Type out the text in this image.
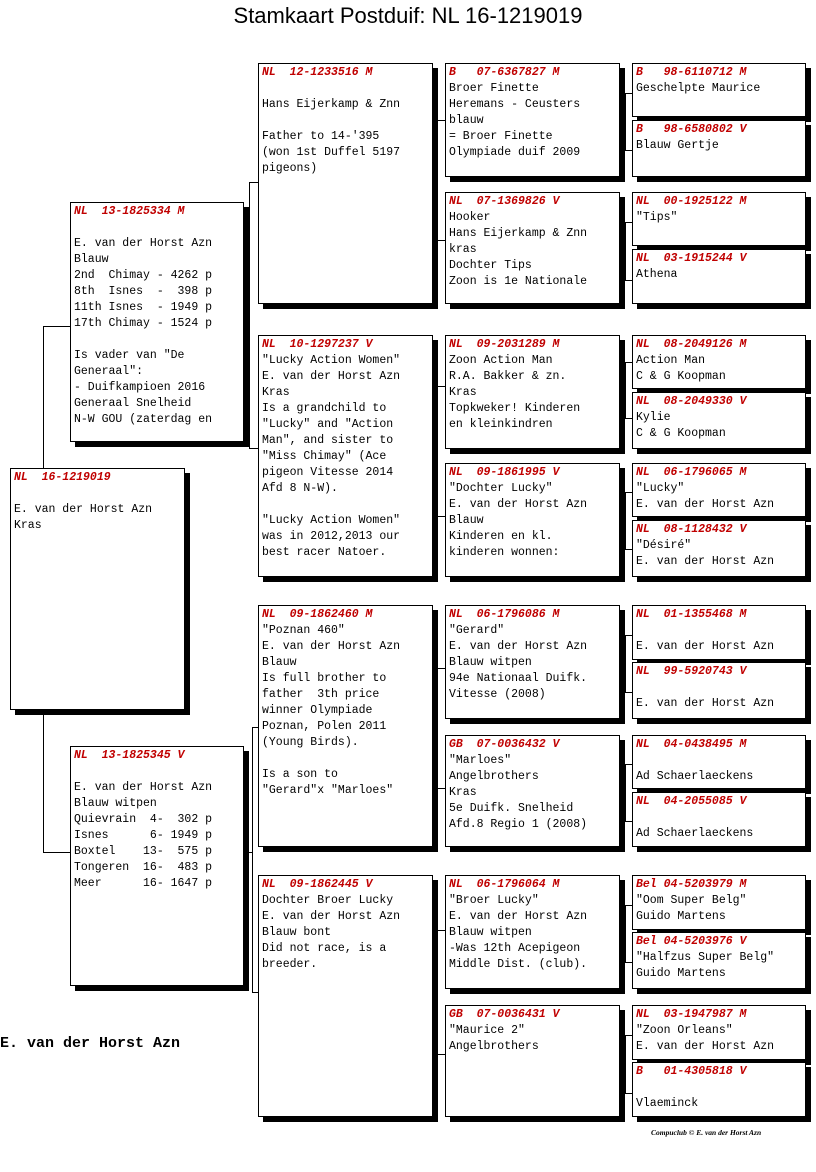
Stamkaart Postduif: NL 16-1219019
NL  16-1219019
E. van der Horst Azn
Kras
NL  13-1825334 M
E. van der Horst Azn
Blauw
2nd  Chimay - 4262 p
8th  Isnes  -  398 p
11th Isnes  - 1949 p
17th Chimay - 1524 p
Is vader van "De
Generaal":
- Duifkampioen 2016
Generaal Snelheid
N-W GOU (zaterdag en
NL  13-1825345 V
E. van der Horst Azn
Blauw witpen
Quievrain  4-  302 p
Isnes      6- 1949 p
Boxtel    13-  575 p
Tongeren  16-  483 p
Meer      16- 1647 p
NL  12-1233516 M
Hans Eijerkamp & Znn
Father to 14-'395
(won 1st Duffel 5197
pigeons)
NL  10-1297237 V
"Lucky Action Women"
E. van der Horst Azn
Kras
Is a grandchild to
"Lucky" and "Action
Man", and sister to
"Miss Chimay" (Ace
pigeon Vitesse 2014
Afd 8 N-W).
"Lucky Action Women"
was in 2012,2013 our
best racer Natoer.
NL  09-1862460 M
"Poznan 460"
E. van der Horst Azn
Blauw
Is full brother to
father  3th price
winner Olympiade
Poznan, Polen 2011
(Young Birds).
Is a son to
"Gerard"x "Marloes"
NL  09-1862445 V
Dochter Broer Lucky
E. van der Horst Azn
Blauw bont
Did not race, is a
breeder.
B   07-6367827 M
Broer Finette
Heremans - Ceusters
blauw
= Broer Finette
Olympiade duif 2009
NL  07-1369826 V
Hooker
Hans Eijerkamp & Znn
kras
Dochter Tips
Zoon is 1e Nationale
NL  09-2031289 M
Zoon Action Man
R.A. Bakker & zn.
Kras
Topkweker! Kinderen
en kleinkindren
NL  09-1861995 V
"Dochter Lucky"
E. van der Horst Azn
Blauw
Kinderen en kl.
kinderen wonnen:
NL  06-1796086 M
"Gerard"
E. van der Horst Azn
Blauw witpen
94e Nationaal Duifk.
Vitesse (2008)
GB  07-0036432 V
"Marloes"
Angelbrothers
Kras
5e Duifk. Snelheid
Afd.8 Regio 1 (2008)
NL  06-1796064 M
"Broer Lucky"
E. van der Horst Azn
Blauw witpen
-Was 12th Acepigeon
Middle Dist. (club).
GB  07-0036431 V
"Maurice 2"
Angelbrothers
B   98-6110712 M
Geschelpte Maurice
B   98-6580802 V
Blauw Gertje
NL  00-1925122 M
"Tips"
NL  03-1915244 V
Athena
NL  08-2049126 M
Action Man
C & G Koopman
NL  08-2049330 V
Kylie
C & G Koopman
NL  06-1796065 M
"Lucky"
E. van der Horst Azn
NL  08-1128432 V
"Désiré"
E. van der Horst Azn
NL  01-1355468 M
E. van der Horst Azn
NL  99-5920743 V
E. van der Horst Azn
NL  04-0438495 M
Ad Schaerlaeckens
NL  04-2055085 V
Ad Schaerlaeckens
Bel 04-5203979 M
"Oom Super Belg"
Guido Martens
Bel 04-5203976 V
"Halfzus Super Belg"
Guido Martens
NL  03-1947987 M
"Zoon Orleans"
E. van der Horst Azn
B   01-4305818 V
Vlaeminck
E. van der Horst Azn
Compuclub © E. van der Horst Azn
